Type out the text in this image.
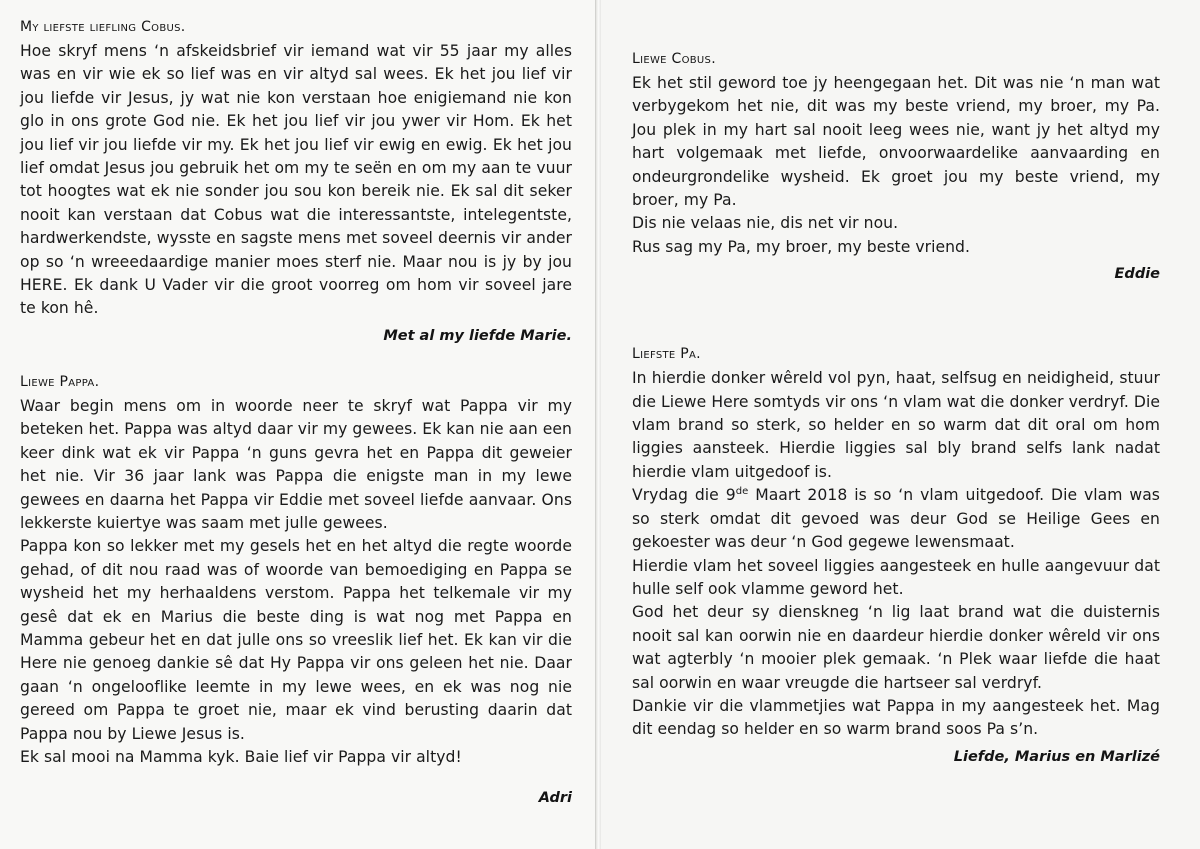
My liefste liefling Cobus.

Hoe skryf mens ‘n afskeidsbrief vir iemand wat vir 55 jaar my alles was en vir wie ek so lief was en vir altyd sal wees. Ek het jou lief vir jou liefde vir Jesus, jy wat nie kon verstaan hoe enigiemand nie kon glo in ons grote God nie. Ek het jou lief vir jou ywer vir Hom. Ek het jou lief vir jou liefde vir my. Ek het jou lief vir ewig en ewig. Ek het jou lief omdat Jesus jou gebruik het om my te seën en om my aan te vuur tot hoogtes wat ek nie sonder jou sou kon bereik nie. Ek sal dit seker nooit kan verstaan dat Cobus wat die interessantste, intelegentste, hardwerkendste, wysste en sagste mens met soveel deernis vir ander op so ‘n wreeedaardige manier moes sterf nie. Maar nou is jy by jou HERE. Ek dank U Vader vir die groot voorreg om hom vir soveel jare te kon hê.

Met al my liefde Marie.
Liewe Pappa.

Waar begin mens om in woorde neer te skryf wat Pappa vir my beteken het. Pappa was altyd daar vir my gewees. Ek kan nie aan een keer dink wat ek vir Pappa ‘n guns gevra het en Pappa dit geweier het nie. Vir 36 jaar lank was Pappa die enigste man in my lewe gewees en daarna het Pappa vir Eddie met soveel liefde aanvaar. Ons lekkerste kuiertye was saam met julle gewees.
Pappa kon so lekker met my gesels het en het altyd die regte woorde gehad, of dit nou raad was of woorde van bemoediging en Pappa se wysheid het my herhaaldens verstom. Pappa het telkemale vir my gesê dat ek en Marius die beste ding is wat nog met Pappa en Mamma gebeur het en dat julle ons so vreeslik lief het. Ek kan vir die Here nie genoeg dankie sê dat Hy Pappa vir ons geleen het nie. Daar gaan ‘n ongelooflike leemte in my lewe wees, en ek was nog nie gereed om Pappa te groet nie, maar ek vind berusting daarin dat Pappa nou by Liewe Jesus is.
Ek sal mooi na Mamma kyk. Baie lief vir Pappa vir altyd!

Adri
Liewe Cobus.

Ek het stil geword toe jy heengegaan het. Dit was nie ‘n man wat verbygekom het nie, dit was my beste vriend, my broer, my Pa. Jou plek in my hart sal nooit leeg wees nie, want jy het altyd my hart volgemaak met liefde, onvoorwaardelike aanvaarding en ondeurgrondelike wysheid. Ek groet jou my beste vriend, my broer, my Pa.
Dis nie velaas nie, dis net vir nou.
Rus sag my Pa, my broer, my beste vriend.

Eddie
Liefste Pa.

In hierdie donker wêreld vol pyn, haat, selfsug en neidigheid, stuur die Liewe Here somtyds vir ons ‘n vlam wat die donker verdryf. Die vlam brand so sterk, so helder en so warm dat dit oral om hom liggies aansteek. Hierdie liggies sal bly brand selfs lank nadat hierdie vlam uitgedoof is.
Vrydag die 9de Maart 2018 is so ‘n vlam uitgedoof. Die vlam was so sterk omdat dit gevoed was deur God se Heilige Gees en gekoester was deur ‘n God gegewe lewensmaat.
Hierdie vlam het soveel liggies aangesteek en hulle aangevuur dat hulle self ook vlamme geword het.
God het deur sy dienskneg ‘n lig laat brand wat die duisternis nooit sal kan oorwin nie en daardeur hierdie donker wêreld vir ons wat agterbly ‘n mooier plek gemaak. ‘n Plek waar liefde die haat sal oorwin en waar vreugde die hartseer sal verdryf.
Dankie vir die vlammetjies wat Pappa in my aangesteek het. Mag dit eendag so helder en so warm brand soos Pa s’n.

Liefde, Marius en Marlizé
